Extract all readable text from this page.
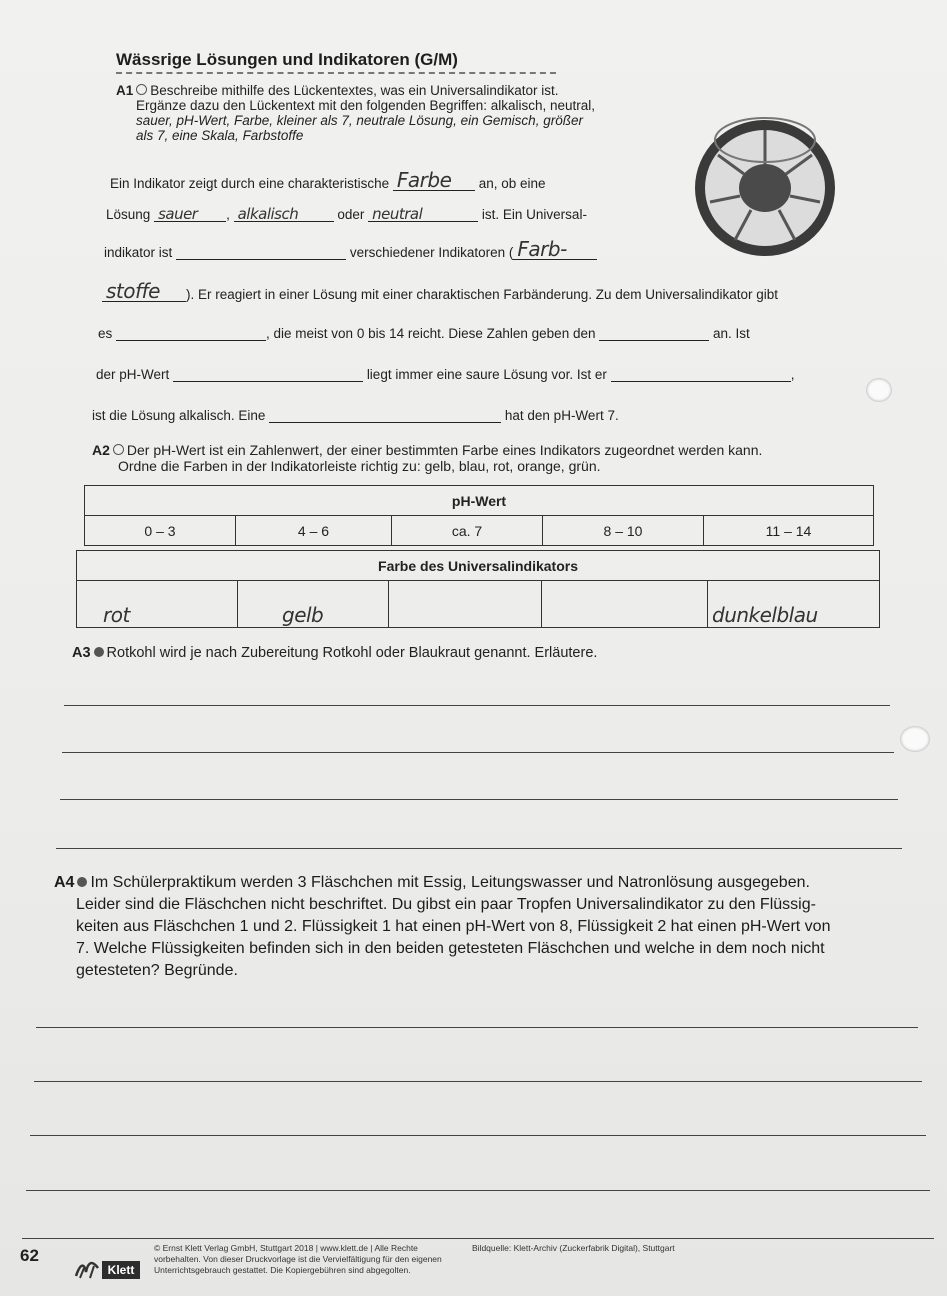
Wässrige Lösungen und Indikatoren (G/M)
A1 Beschreibe mithilfe des Lückentextes, was ein Universalindikator ist.
Ergänze dazu den Lückentext mit den folgenden Begriffen: alkalisch, neutral,
sauer, pH-Wert, Farbe, kleiner als 7, neutrale Lösung, ein Gemisch, größer
als 7, eine Skala, Farbstoffe
Ein Indikator zeigt durch eine charakteristische Farbe an, ob eine
Lösung sauer , alkalisch	oder neutral	ist. Ein Universal-
indikator ist	verschiedener Indikatoren ( Farb-
stoffe ). Er reagiert in einer Lösung mit einer charaktischen Farbänderung. Zu dem Universalindikator gibt
es	, die meist von 0 bis 14 reicht. Diese Zahlen geben den	an. Ist
der pH-Wert	liegt immer eine saure Lösung vor. Ist er	,
ist die Lösung alkalisch. Eine	hat den pH-Wert 7.
A2 Der pH-Wert ist ein Zahlenwert, der einer bestimmten Farbe eines Indikators zugeordnet werden kann.
Ordne die Farben in der Indikatorleiste richtig zu: gelb, blau, rot, orange, grün.
pH-Wert
0 – 3	4 – 6	ca. 7	8 – 10	11 – 14
Farbe des Universalindikators
rot	gelb			dunkelblau
A3 Rotkohl wird je nach Zubereitung Rotkohl oder Blaukraut genannt. Erläutere.
A4 Im Schülerpraktikum werden 3 Fläschchen mit Essig, Leitungswasser und Natronlösung ausgegeben.
Leider sind die Fläschchen nicht beschriftet. Du gibst ein paar Tropfen Universalindikator zu den Flüssig-
keiten aus Fläschchen 1 und 2. Flüssigkeit 1 hat einen pH-Wert von 8, Flüssigkeit 2 hat einen pH-Wert von
7. Welche Flüssigkeiten befinden sich in den beiden getesteten Fläschchen und welche in dem noch nicht
getesteten? Begründe.
62
Klett
© Ernst Klett Verlag GmbH, Stuttgart 2018 | www.klett.de | Alle Rechte
vorbehalten. Von dieser Druckvorlage ist die Vervielfältigung für den eigenen
Unterrichtsgebrauch gestattet. Die Kopiergebühren sind abgegolten.
Bildquelle: Klett-Archiv (Zuckerfabrik Digital), Stuttgart
